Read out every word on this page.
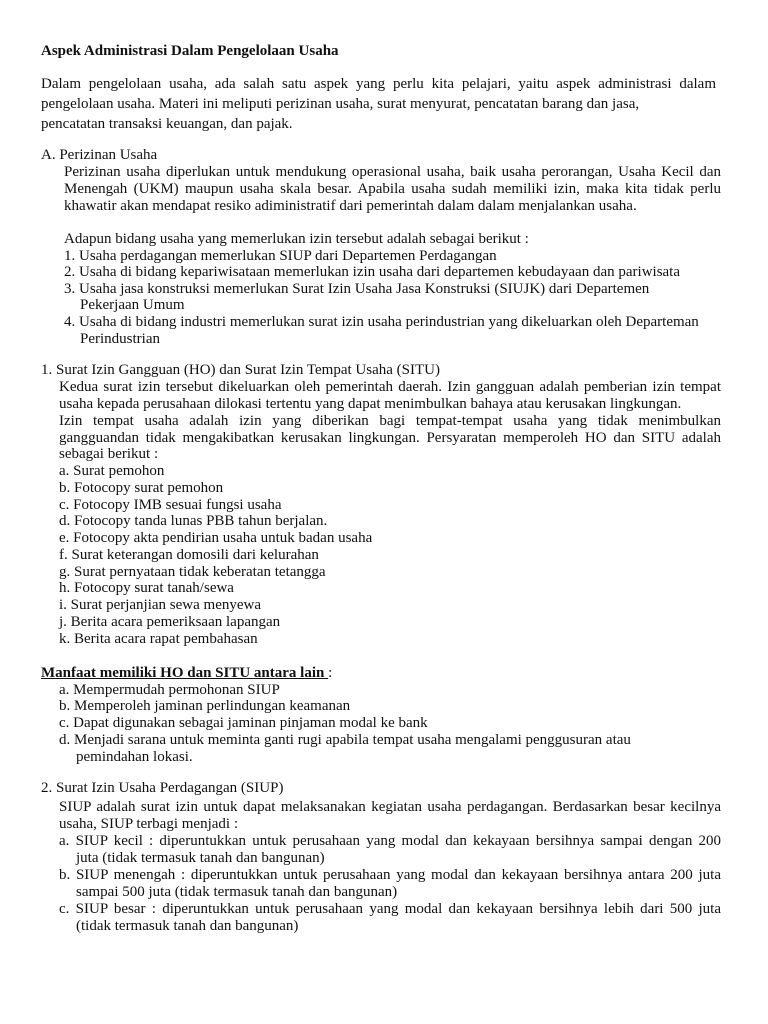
Aspek Administrasi Dalam Pengelolaan Usaha
Dalam pengelolaan usaha, ada salah satu aspek yang perlu kita pelajari, yaitu aspek administrasi dalam
pengelolaan usaha. Materi ini meliputi perizinan usaha, surat menyurat, pencatatan barang dan jasa,
pencatatan transaksi keuangan, dan pajak.
A. Perizinan Usaha
Perizinan usaha diperlukan untuk mendukung operasional usaha, baik usaha perorangan, Usaha Kecil dan
Menengah (UKM) maupun usaha skala besar. Apabila usaha sudah memiliki izin, maka kita tidak perlu
khawatir akan mendapat resiko adiministratif dari pemerintah dalam dalam menjalankan usaha.
Adapun bidang usaha yang memerlukan izin tersebut adalah sebagai berikut :
1. Usaha perdagangan memerlukan SIUP dari Departemen Perdagangan
2. Usaha di bidang kepariwisataan memerlukan izin usaha dari departemen kebudayaan dan pariwisata
3. Usaha jasa konstruksi memerlukan Surat Izin Usaha Jasa Konstruksi (SIUJK) dari Departemen
Pekerjaan Umum
4. Usaha di bidang industri memerlukan surat izin usaha perindustrian yang dikeluarkan oleh Departeman
Perindustrian
1. Surat Izin Gangguan (HO) dan Surat Izin Tempat Usaha (SITU)
Kedua surat izin tersebut dikeluarkan oleh pemerintah daerah. Izin gangguan adalah pemberian izin tempat
usaha kepada perusahaan dilokasi tertentu yang dapat menimbulkan bahaya atau kerusakan lingkungan.
Izin tempat usaha adalah izin yang diberikan bagi tempat-tempat usaha yang tidak menimbulkan
gangguandan tidak mengakibatkan kerusakan lingkungan. Persyaratan memperoleh HO dan SITU adalah
sebagai berikut :
a. Surat pemohon
b. Fotocopy surat pemohon
c. Fotocopy IMB sesuai fungsi usaha
d. Fotocopy tanda lunas PBB tahun berjalan.
e. Fotocopy akta pendirian usaha untuk badan usaha
f. Surat keterangan domosili dari kelurahan
g. Surat pernyataan tidak keberatan tetangga
h. Fotocopy surat tanah/sewa
i. Surat perjanjian sewa menyewa
j. Berita acara pemeriksaan lapangan
k. Berita acara rapat pembahasan
Manfaat memiliki HO dan SITU antara lain :
a. Mempermudah permohonan SIUP
b. Memperoleh jaminan perlindungan keamanan
c. Dapat digunakan sebagai jaminan pinjaman modal ke bank
d. Menjadi sarana untuk meminta ganti rugi apabila tempat usaha mengalami penggusuran atau
pemindahan lokasi.
2. Surat Izin Usaha Perdagangan (SIUP)
SIUP adalah surat izin untuk dapat melaksanakan kegiatan usaha perdagangan. Berdasarkan besar kecilnya
usaha, SIUP terbagi menjadi :
a. SIUP kecil : diperuntukkan untuk perusahaan yang modal dan kekayaan bersihnya sampai dengan 200
juta (tidak termasuk tanah dan bangunan)
b. SIUP menengah : diperuntukkan untuk perusahaan yang modal dan kekayaan bersihnya antara 200 juta
sampai 500 juta (tidak termasuk tanah dan bangunan)
c. SIUP besar : diperuntukkan untuk perusahaan yang modal dan kekayaan bersihnya lebih dari 500 juta
(tidak termasuk tanah dan bangunan)
